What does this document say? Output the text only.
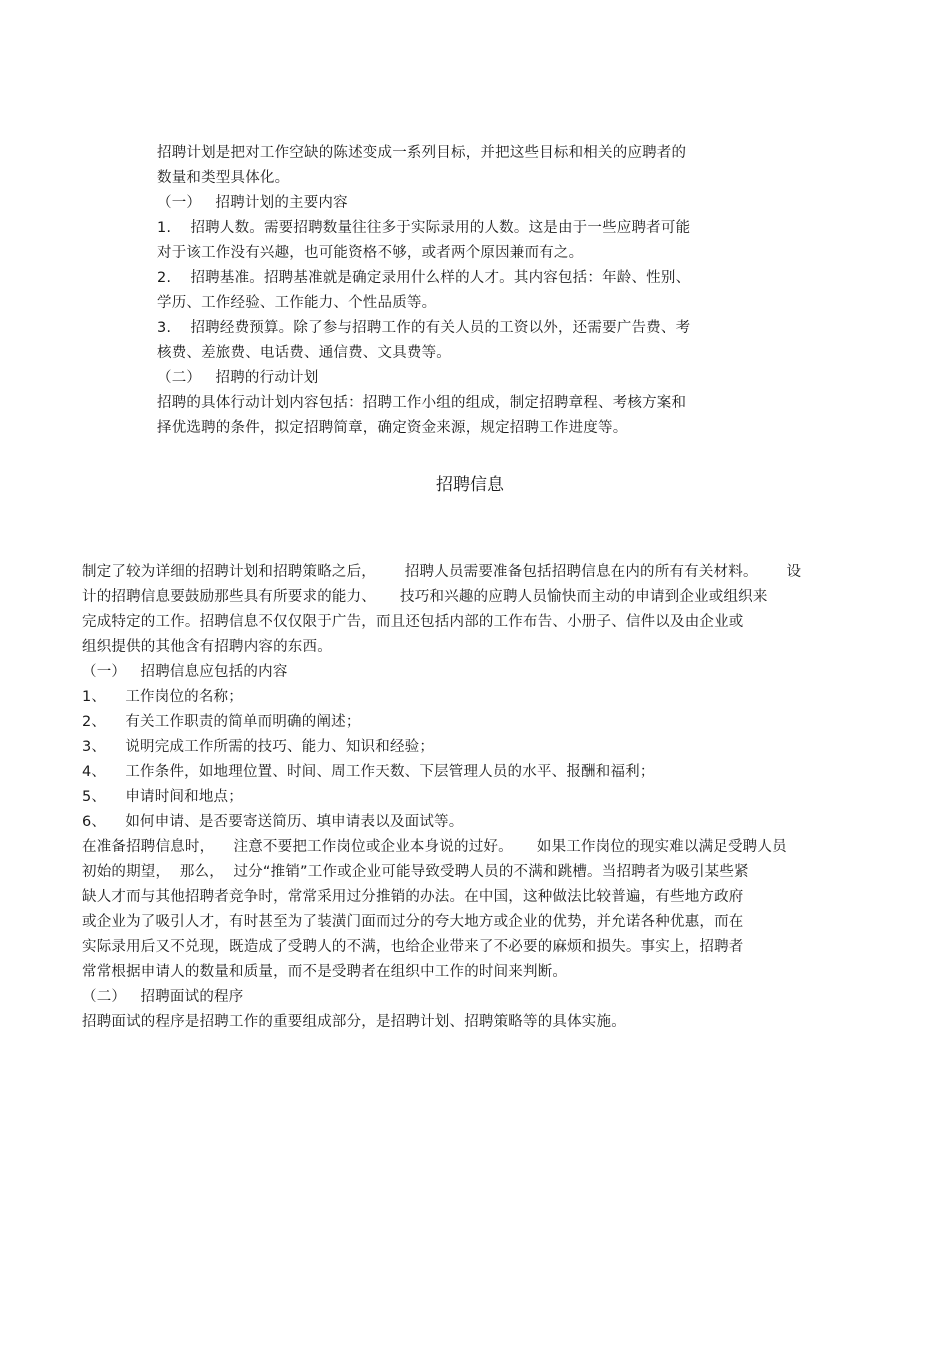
招聘计划是把对工作空缺的陈述变成一系列目标，并把这些目标和相关的应聘者的
数量和类型具体化。
（一）   招聘计划的主要内容
1.    招聘人数。需要招聘数量往往多于实际录用的人数。这是由于一些应聘者可能
对于该工作没有兴趣，也可能资格不够，或者两个原因兼而有之。
2.    招聘基准。招聘基准就是确定录用什么样的人才。其内容包括：年龄、性别、
学历、工作经验、工作能力、个性品质等。
3.    招聘经费预算。除了参与招聘工作的有关人员的工资以外，还需要广告费、考
核费、差旅费、电话费、通信费、文具费等。
（二）   招聘的行动计划
招聘的具体行动计划内容包括：招聘工作小组的组成，制定招聘章程、考核方案和
择优选聘的条件，拟定招聘简章，确定资金来源，规定招聘工作进度等。
招聘信息
制定了较为详细的招聘计划和招聘策略之后，      招聘人员需要准备包括招聘信息在内的所有有关材料。      设
计的招聘信息要鼓励那些具有所要求的能力、     技巧和兴趣的应聘人员愉快而主动的申请到企业或组织来
完成特定的工作。招聘信息不仅仅限于广告，而且还包括内部的工作布告、小册子、信件以及由企业或
组织提供的其他含有招聘内容的东西。
（一）   招聘信息应包括的内容
1、    工作岗位的名称；
2、    有关工作职责的简单而明确的阐述；
3、    说明完成工作所需的技巧、能力、知识和经验；
4、    工作条件，如地理位置、时间、周工作天数、下层管理人员的水平、报酬和福利；
5、    申请时间和地点；
6、    如何申请、是否要寄送简历、填申请表以及面试等。
在准备招聘信息时，    注意不要把工作岗位或企业本身说的过好。     如果工作岗位的现实难以满足受聘人员
初始的期望，  那么，  过分“推销”工作或企业可能导致受聘人员的不满和跳槽。当招聘者为吸引某些紧
缺人才而与其他招聘者竞争时，常常采用过分推销的办法。在中国，这种做法比较普遍，有些地方政府
或企业为了吸引人才，有时甚至为了装潢门面而过分的夸大地方或企业的优势，并允诺各种优惠，而在
实际录用后又不兑现，既造成了受聘人的不满，也给企业带来了不必要的麻烦和损失。事实上，招聘者
常常根据申请人的数量和质量，而不是受聘者在组织中工作的时间来判断。
（二）   招聘面试的程序
招聘面试的程序是招聘工作的重要组成部分，是招聘计划、招聘策略等的具体实施。
